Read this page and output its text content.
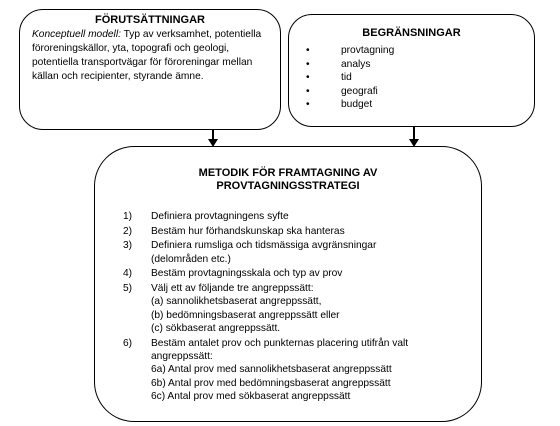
FÖRUTSÄTTNINGAR
Konceptuell modell: Typ av verksamhet, potentiella föroreningskällor, yta, topografi och geologi, potentiella transportvägar för föroreningar mellan källan och recipienter, styrande ämne.
BEGRÄNSNINGAR
•	provtagning
•	analys
•	tid
•	geografi
•	budget
METODIK FÖR FRAMTAGNING AV
PROVTAGNINGSSTRATEGI
1)	Definiera provtagningens syfte
2)	Bestäm hur förhandskunskap ska hanteras
3)	Definiera rumsliga och tidsmässiga avgränsningar
(delområden etc.)
4)	Bestäm provtagningsskala och typ av prov
5)	Välj ett av följande tre angreppssätt:
(a) sannolikhetsbaserat angreppssätt,
(b) bedömningsbaserat angreppssätt eller
(c) sökbaserat angreppssätt.
6)	Bestäm antalet prov och punkternas placering utifrån valt
angreppssätt:
6a) Antal prov med sannolikhetsbaserat angreppssätt
6b) Antal prov med bedömningsbaserat angreppssätt
6c) Antal prov med sökbaserat angreppssätt
